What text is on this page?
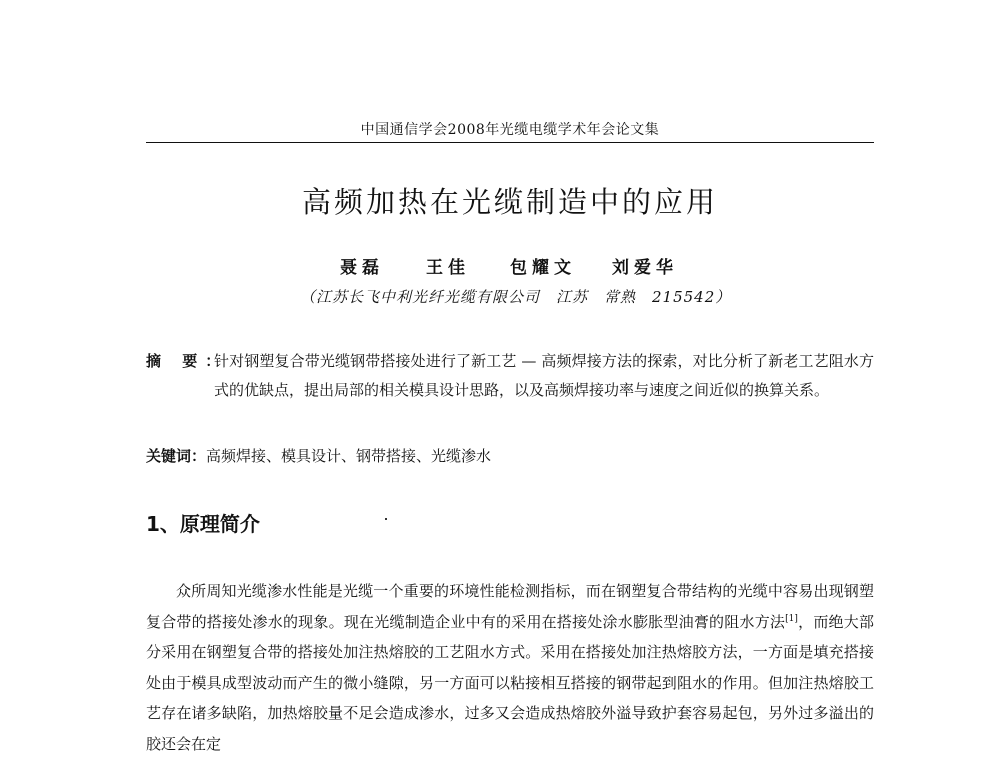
中国通信学会2008年光缆电缆学术年会论文集
高频加热在光缆制造中的应用
聂磊 王佳 包耀文 刘爱华
（江苏长飞中利光纤光缆有限公司　江苏　常熟　215542）
摘 要：
针对钢塑复合带光缆钢带搭接处进行了新工艺 — 高频焊接方法的探索，对比分析了新老工艺阻水方式的优缺点，提出局部的相关模具设计思路，以及高频焊接功率与速度之间近似的换算关系。
关键词：高频焊接、模具设计、钢带搭接、光缆渗水
1、原理简介
众所周知光缆渗水性能是光缆一个重要的环境性能检测指标，而在钢塑复合带结构的光缆中容易出现钢塑复合带的搭接处渗水的现象。现在光缆制造企业中有的采用在搭接处涂水膨胀型油膏的阻水方法[1]，而绝大部分采用在钢塑复合带的搭接处加注热熔胶的工艺阻水方式。采用在搭接处加注热熔胶方法，一方面是填充搭接处由于模具成型波动而产生的微小缝隙，另一方面可以粘接相互搭接的钢带起到阻水的作用。但加注热熔胶工艺存在诸多缺陷，加热熔胶量不足会造成渗水，过多又会造成热熔胶外溢导致护套容易起包，另外过多溢出的胶还会在定
